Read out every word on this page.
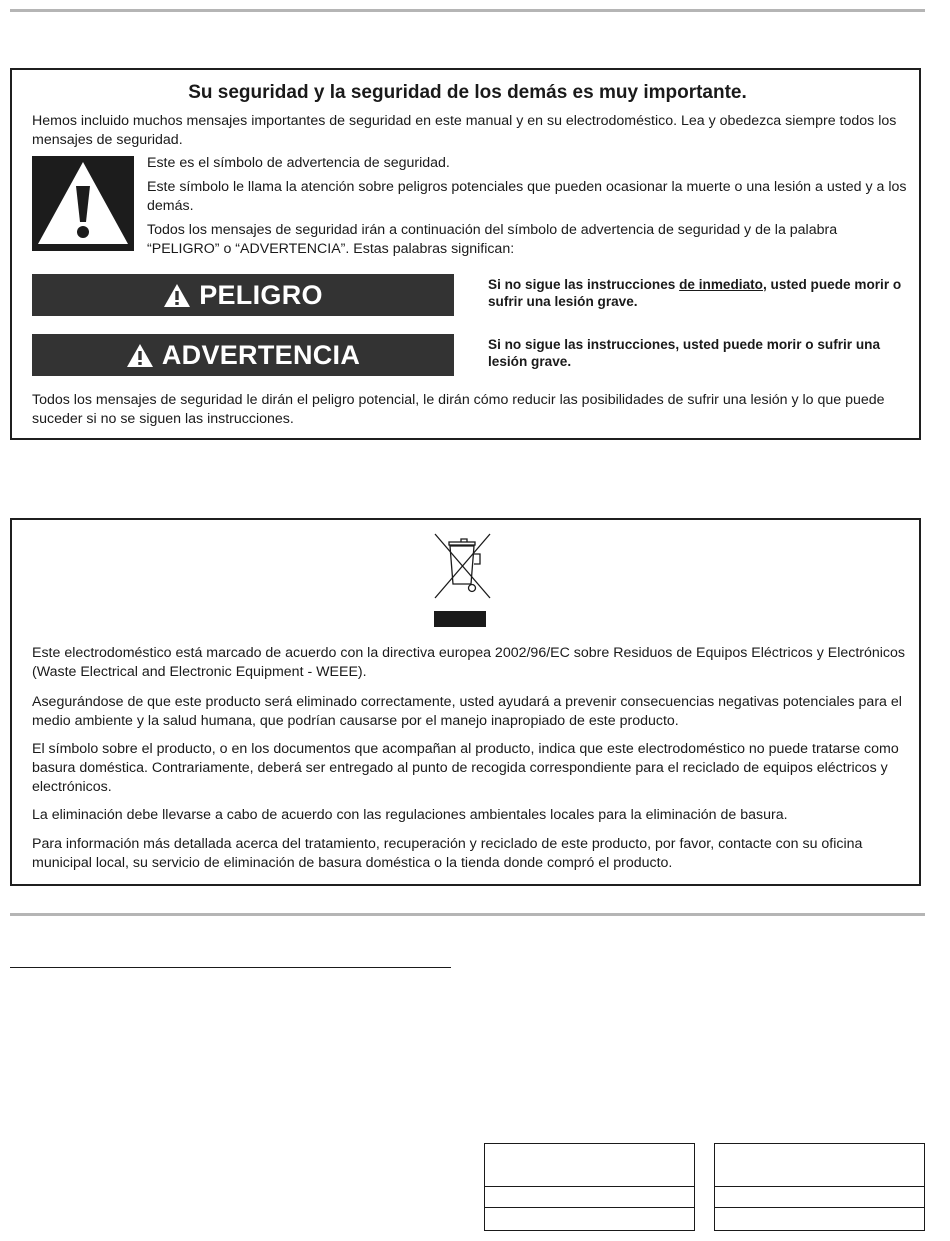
Su seguridad y la seguridad de los demás es muy importante.

Hemos incluido muchos mensajes importantes de seguridad en este manual y en su electrodoméstico. Lea y obedezca siempre todos los mensajes de seguridad.

Este es el símbolo de advertencia de seguridad.

Este símbolo le llama la atención sobre peligros potenciales que pueden ocasionar la muerte o una lesión a usted y a los demás.

Todos los mensajes de seguridad irán a continuación del símbolo de advertencia de seguridad y de la palabra “PELIGRO” o “ADVERTENCIA”. Estas palabras significan:

PELIGRO	Si no sigue las instrucciones de inmediato, usted puede morir o sufrir una lesión grave.

ADVERTENCIA	Si no sigue las instrucciones, usted puede morir o sufrir una lesión grave.

Todos los mensajes de seguridad le dirán el peligro potencial, le dirán cómo reducir las posibilidades de sufrir una lesión y lo que puede suceder si no se siguen las instrucciones.

Este electrodoméstico está marcado de acuerdo con la directiva europea 2002/96/EC sobre Residuos de Equipos Eléctricos y Electrónicos (Waste Electrical and Electronic Equipment - WEEE).

Asegurándose de que este producto será eliminado correctamente, usted ayudará a prevenir consecuencias negativas potenciales para el medio ambiente y la salud humana, que podrían causarse por el manejo inapropiado de este producto.

El símbolo sobre el producto, o en los documentos que acompañan al producto, indica que este electrodoméstico no puede tratarse como basura doméstica. Contrariamente, deberá ser entregado al punto de recogida correspondiente para el reciclado de equipos eléctricos y electrónicos.

La eliminación debe llevarse a cabo de acuerdo con las regulaciones ambientales locales para la eliminación de basura.

Para información más detallada acerca del tratamiento, recuperación y reciclado de este producto, por favor, contacte con su oficina municipal local, su servicio de eliminación de basura doméstica o la tienda donde compró el producto.
